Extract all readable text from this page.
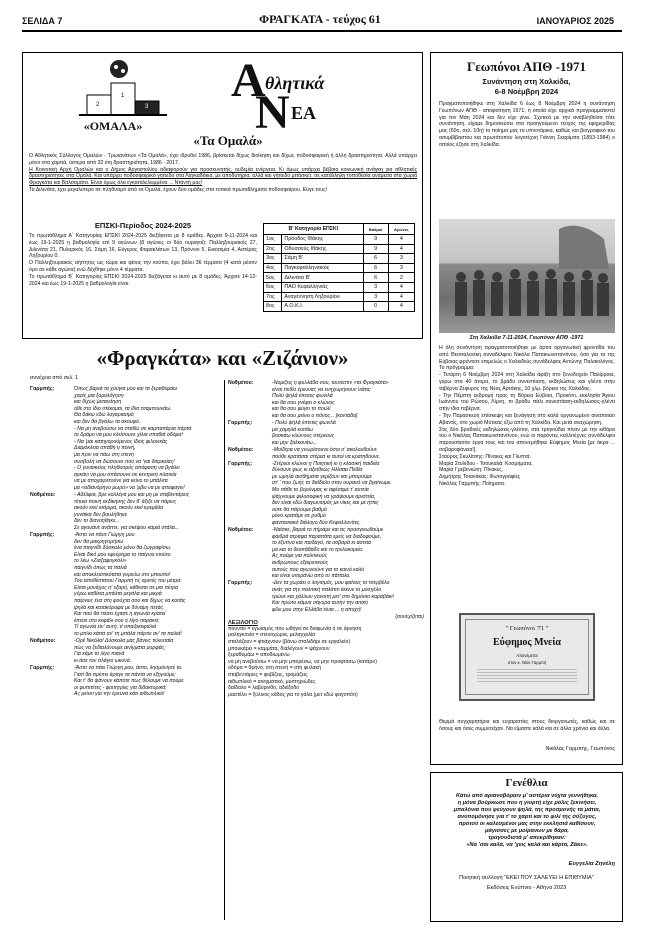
ΣΕΛΙΔΑ 7	ΦΡΑΓΚΑΤΑ - τεύχος 61	ΙΑΝΟΥΑΡΙΟΣ 2025
2
1
3
«ΟΜΑΛΑ»
Α θλητικά
Ν ΕΑ
«Τα Ομαλά»

Ο Αθλητικός Σύλλογος Ομαλών - Τρωιανάτων «Τα Ομαλά», έχει ιδρυθεί 1986, βρίσκεται δίχως διοίκηση και δίχως ποδοσφαιρική ή άλλη δραστηριότητα. Αλλά υπάρχει μόνο στα χαρτιά, ύστερα από 32 έτη δραστηριότητα, 1986 - 2017.

Η Κοινοτική Αρχή Ομαλών και ο Δήμος Αργοστολίου αδιαφορούν για προσκυνητής, ουδεμία ενέργεια. Κι όμως υπάρχει βέβαια κοινωνική ανάγκη για αθλητικές δραστηριότητες στα Ομαλά. Και υπάρχει ποδοσφαιρικό γήπεδο στα Λαγκαδάκια, με αποδυτήρια, αλλά και γήπεδο μπάσκετ, σε κατάλληλη τοποθεσία ανάμεσα στα χωριά Φραγκάτα και Βαλσαμάτα. Είναι όμως όλα εγκαταλελειμμένα ... Νταντή μας!

Τα Διλινάτα, έχει μεγαλύτερο σε πληθυσμό από τα Ομαλά, έχουν δύο ομάδες στα τοπικά πρωταθλήματα ποδοσφαίρου. Εύγε τους!

ΕΠΣΚΙ-Περίοδος 2024-2025

Το πρωτάθλημα Α΄ Κατηγορίας ΕΠΣΚΙ 2024-2025 διεξάγεται με 8 ομάδες. Άρχισε 9-11-2024 και έως 19-1-2025 η βαθμολογία επί 9 αγώνων (8 αγώνες οι δύο ουραγοί): Παλληξουριακός 27, Διλινάτα 21, Πυλαρικός 16, Σάμη 16, Εύγερος Φαρακλάτων 13, Πρόννοι 5, Εικοσιμία 4, Αστέρας Ληξουρίου 0.

Ο Παλληξουριακός αήττητος ως τώρα και φέτος την κούπα, έχει βάλει 36 τέρματα (4 κατά μέσον όρο σε κάθε αγώνα) ενώ δέχθηκε μόνο 4 τέρματα.

Το πρωτάθλημα Β΄ Κατηγορίας ΕΠΣΚΙ 2024-2025 διεξάγεται κι αυτό με 8 ομάδες. Άρχισε 14-12-2024 και έως 19-1-2025 η βαθμολογία είναι:

Β' Κατηγορία ΕΠΣΚΙ		Βαθμοί	Αγώνες
1ος	Πρόοδος Ιθάκης	9	4
2ος	Οδυσσεύς Ιθάκης	9	4
3ος	Σάμη Β'	6	3
4ος	Παγκεφαλληνιακός	6	3
5ος	Διλινάτα Β'	6	2
6ος	ΠΑΟ Κεφαλληνιάς	3	4
7ος	Αναγέννηση Ληξουρίου	3	4
8ος	Α.Ο.Κ.Ι.	0	4
«Φραγκάτα» και «Ζιζάνιον»
συνέχεια από σελ. 1
Γαρμπής:	Όπως βαριά τα χούγια μου και τα ξεραθυμάω
χαρίς μια ξομολόγηση
και δίχως μετανόηση
όθε στο ίδιο στέκομαι, τα ίδια τσαμπουνάω.
Θα δάκω εδώ λογαριασμό
και δεν θα βγάλω τα σκουφό.
- Να μη ανεβούσω να σταθώ σε καμπαπάρια πάρτα
το δράμο να μου κλείσουνε χίλια σπαθιά οδόμα!
- Να 'μαι κατηγορούμενος ίδιος φιλονικάς
Διαμόκλεια σπάθη η ποινή,
μα πριν να πάω στη στενή
συσβολή να δώσουνε που να 'ναι διαρκείας!
- Ο γυναικείος πληθυσμός απόφαση να βγάλει
αγκάνι να μου σπάσουνε σε κεντρική πλατεία
να με αποχαιρετούνε για κείνο το μπάλιτα
μα «αδιανόρηνο μωρό» να 'μβει να με αποφαγει!
Νοθμέτου:	- Αδέλφια, βρε κολλέγα μου και μη με σταβεντάρεις
τέτοια ποινή εκδίκησης δεν θ' άξιζε να πάρεις
ακούν εκεί ισάριμα, ακούν εκεί κρεμάλα
γυναίκα δεν βουλήθηκε
δεν το διανοήθηκε...
Σε αγουάνε ανάπτε, για σκέψου καμιά στάλα...
Γαρμπής:	-Άστο να πάνε Γιώργη μου
δεν θα μακρηγορήσω
ένα παιγνίδι δύσκολο μόνο θα ζωγραφίσω.
Είναι δικό μου εφεύρημα το παίγνιο ετούτο
το λέω «Ζιαζαφογκόλι»
παιγνίδι όπως τα παλιά
και αποκλειστικότατα γυρεύω στο μπουτίο!
Του αποθέστατου Γαρμπή τις αρετές του μέτρα:
Είσαι μονάχος σ' εξαρή, κάθεσαι σε μια πέτρα
γύρω καθίκια μπάλτα μεγάλα και μικρά
παίρνεις ένα στη φούχτα σου και δίχως να κοιτάς
ψηλά και κατακόρυφα με δύναμη πετάς.
Και πού θα πέσει έχασε η αγωνία κρατεί
έπεσε στο κεφάλι σου ή λίγο παρακεί;
Τί αγωνία είν' αυτή, τί σπαζοκεφαλιά
το μπλο κάπα αν' τη μπάλα πάρτει αν' τα παλιά!
Νοθμέτου:	-Ορέ Νικόλα! Δύσκολα μας βάνεις τελευταία
πώς να ξεδιαλύνουμε αινίγματα μορφάς;
Για κάμε το λίγο πιανά
κι άσε τον πλάγιο ωκονά.
Γαρμπής:	-Άστο να πάει Γιώργη μου, άστο, λησμόνησέ το.
Γιατί θα πρέπει άραγε τα πάντα να εξηγούμε;
Και τ' θα ψάνουν κάποτε πως θέλουμε να πούμε
οι φυπιτέτες - φοιτητρίες για διδακτορικά;
Ας μείνει για την έρευνα κάτι αιθωπλικό!
Νοθμέτου:	-Νομίζεις η φυλλάδα σου, τουτέστιν «τα Φραγκάτα»
είναι πεδίο έρευνας να ενηχωρήσουν νιάτα;
Πολύ ψηλά έπειτες φωνιλά
και θα σου γνέφει ο κλώνος
και θα σου φύγει το πουλί
και θα σου μείνει ο πόνος... [κονταδα]
Γαρμπής:	- Πολύ ψηλά έπειτες φωνιλά
μα χαμηλά κοιτάω
βοσκάω κλώνους στέρεους
και μην ξαλκονάω...
Νοθμέτου:	-Μοίδτρα να γνωρίσουνε όσοι σ' ακολουθούνε
πούθε κρατάσαι στέρεα κι αυτοί να κρατηθούνε.
Γαρμπής:	-Στέρεοι κλώνοι η Ποιητική κι η κλασική παιδεία
δύνουνε φως κι αξιοθεώς Ηλίσαα Πεδία
με ωμηλά αισθήματα γεμίζουν και μπορούμε
στ' ' που ζωής το δαίδαλο στον ουρανό να βγαίνωμε.
Μο πάθε το βορύνμας κι αφέσαμε τ' αυτεία
ψάχνουμε φιλοσοφική να γράψουμε αριστεία,
δεν είναι εδώ διαγωνισμός με νίκες και με ήττες
ούτε θα πάρουμε βαθμό
μόνο κρατάμε σε ρυθμό
φαντασιακό διάλογο δύο Κεφαλλονίτες.
Νοθμέτου:	-Ναίσκε, βαριά το πήραμε και ας προσγειωθούμε
φαιδρά ατραφα παραπάτα εμείς να διαδοφούμε,
το έξυπνο και παιδαγό, τα σοβαρά κι αστεία
μα και το θεοπάθαδο και το τρελοκομείο.
Ας πούμε για πολιτικούς
ανθρώπους εξαιρετικούς
αυτούς που αγωνιούνε για το κοινό καλό
και είναι υπεράνω από το πάπαλο.
Γαρμπής:	-Δεν τα χωράει ο λογισμός, μου φαίνεις το τσερβέλο
ανάς για την παλιτική παλάτσι έκεινε το μοσχέλο
τρώνε και χάλλων γονοιτή μετ' στο δημόσιο καραβάκι!
Και πρώτο κάμνα σάγυρα αυτήν την αιτική
φίλε μου στην Ελλάδα είναι ... η αποχή!
(συνεχίζεται)
ΛΕΞΙΛΟΓΙΟ
πουντίο = εγωισμός που ωθηγεί σε διαφωνία ή σε άρνηση
μαληγκονία = στενοχώρια, μελαγχολία
σταλάζουν = φτιάχνουν (βάνω σταλιδάρι σε εργαλείο)
μπουκάρει = καμμάτα, διαλέγουν = ψάχνουν
ξεραθυμάω = αποδιωμένω
να μη ανεβούσω = να μην μπορέσω, να μην προφτάσω (κατάρο)
οδόμα = θρήνο, στη στενή = στη φυλακή
σταβεντάρεις = φοβίζεις, τρομάζεις
αιθωπλικό = αινιγματικό, μυστηριώδες
δαίδαλο = λαβύρινθο, αδιέξοδο
μαστέλο = ξύλινος κάδος για το γάλα (μετ εδώ φαγοπότι)
Γεωπόνοι ΑΠΘ -1971
Συνάντηση στη Χαλκίδα,
6-8 Νοέμβρη 2024

Πραγματοποιήθηκε στη Χαλκίδα 6 έως 8 Νοέμβρη 2024 η συνάντηση Γεωπόνων ΑΠΘ - αποφοίτηση 1971, η οποία είχε αρχικά προγραμματιστεί για τον Μάη 2024 και δεν είχε γίνει. Σχετικά με την αναβληθείσα τότε συνάντηση, είχαμε δημοσιεύσει στα προηγούμενο τεύχος της εφημερίδας μας (60ο, σελ. 10η) το ποίημα μας τα υπνοτάρικα, καθώς και βιογραφικό του ασυμβίβαστου και πρωτότυπου λογοτέχνη Γιάννη Σκαρίμπα (1893-1984) ο οποίος έζησε στη Χαλκίδα.

Στη Χαλκίδα 7-11-2024, Γεωπόνοι ΑΠΘ -1971

Η όλη συνάντηση πραγματοποιήθηκε με άρτια οργανωτική φροντίδα του από Θεσσαλονίκη συναδέλφου Νικόλα Παπακωνσταντίνου, όσο για τα της Εύβοιας φρόντισε επιμελώς ο Χαλκιδεύς συνάδελφος Αντώνης Παλαιολόγος.

Το πρόγραμμα:

- Τετάρτη 6 Νοέμβρη 2024 στη Χαλκίδα άφιξη στο ξενοδοχείο Παλίρροια, γύρω στα 40 άτομα, το βράδυ συνεστίαση, εκδηλώσεις και γλέντι στην ταβέρνα Ζέφυρος της Νέας Αρτάκης, 10 χλμ. βόρεια της Χαλκίδας.

- Την Πέμπτη εκδρομή προς τη Βόρεια Εύβοια, Προκόπι, εκκλησία Άγιου Ιωάννου του Ρώσου, Λίμνη, το βράδυ πάλι συνεστίαση-εκδηλώσεις-γλέντι στην ίδια ταβέρνα.

- Την Παρασκευή επίσκεψη και ξενάγηση στο καλά οργανωμένο αιναποιείο Αβαντίς, στο χωριό Μύτικας έξω από τη Χαλκίδα. Και μετά αναχώρηση.

Στις δύο βραδινές εκδηλώσεις-γλέντια, στα τραγούδια πίναν με την κιθάρα του ο Νικόλας Παπακωνσταντίνου, ενώ οι παρόντες καλλιτέχνες συνάδελφοι παρουσίασαν έργα τους και του απονεμήθηκε Εύφημος Μνεία [με άκρα ... σοβαροφάνεια!].

Σταύρος Σκυλίτσης: Πίνακες και Γλυπτά.

Μαρία Στυλίδου - Τσουκαλά: Κοσμήματα.

Μαρία Γρεβενιώτη: Πίνακες.

Δημήτρης Τσιανάκας: Φωτογραφίες

Νικόλας Γαρμπής: Ποίηματα.

" Γεωπόνοι '71 "
Εύφημος Μνεία
Απονέμεται
στον κ. Νίκο Γαρμπή

Θερμά συγχαρητήρια και ευχαριστίες στους διοργανωτές, καθώς και σε όσους και όσες συμμετείχαν. Να είμαστε καλά και σε άλλα χρόνια και άλλα.

Νικόλας Γαρμπής, Γεωπόνος
Γενέθλια
Κάτω από αριανοβόραιν μ' αστέρια νύχτα γεννήθηκα,
η μόνα βούρκωσε που η γιορτή είχε μόλις ξεκινήσει,
μπαλόνια που φεύγουν ψηλά, της προσμονής τα μάτια,
ανυπομόνησε για τ' το χαρτί και το φιλί της σύζυγος,
προτού οι καλεσμένοι μας στην εκκλησιά καθίσουν,
μάγισσες με μοίρανων με θάρα,
τραγουδιστά μ' απεκρίθηκαν:
«Να 'σαι καλά, να 'χεις καλά και κάρτα, Ζάκε».
Ευγγελία Ζηνέλη
Ποιητική συλλογή "ΕΚΕΙ ΠΟΥ ΣΑΛΕΥΕΙ Η ΕΠΙΘΥΜΙΑ"
Εκδόσεις Ενύπνιο - Αθήνα 2023
